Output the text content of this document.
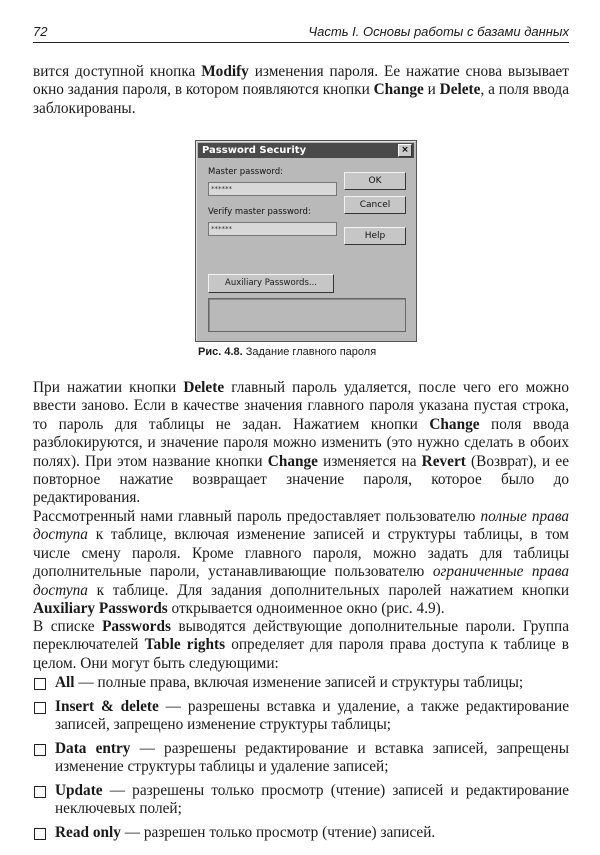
72	Часть I. Основы работы с базами данных

вится доступной кнопка Modify изменения пароля. Ее нажатие снова вызывает окно задания пароля, в котором появляются кнопки Change и Delete, а поля ввода заблокированы.

Password Security	×
Master password:
******
Verify master password:
******
OK
Cancel
Help
Auxiliary Passwords...
Рис. 4.8. Задание главного пароля

При нажатии кнопки Delete главный пароль удаляется, после чего его можно ввести заново. Если в качестве значения главного пароля указана пустая строка, то пароль для таблицы не задан. Нажатием кнопки Change поля ввода разблокируются, и значение пароля можно изменить (это нужно сделать в обоих полях). При этом название кнопки Change изменяется на Revert (Возврат), и ее повторное нажатие возвращает значение пароля, которое было до редактирования.

Рассмотренный нами главный пароль предоставляет пользователю полные права доступа к таблице, включая изменение записей и структуры таблицы, в том числе смену пароля. Кроме главного пароля, можно задать для таблицы дополнительные пароли, устанавливающие пользователю ограниченные права доступа к таблице. Для задания дополнительных паролей нажатием кнопки Auxiliary Passwords открывается одноименное окно (рис. 4.9).

В списке Passwords выводятся действующие дополнительные пароли. Группа переключателей Table rights определяет для пароля права доступа к таблице в целом. Они могут быть следующими:

All — полные права, включая изменение записей и структуры таблицы;
Insert & delete — разрешены вставка и удаление, а также редактирование записей, запрещено изменение структуры таблицы;
Data entry — разрешены редактирование и вставка записей, запрещены изменение структуры таблицы и удаление записей;
Update — разрешены только просмотр (чтение) записей и редактирование неключевых полей;
Read only — разрешен только просмотр (чтение) записей.
